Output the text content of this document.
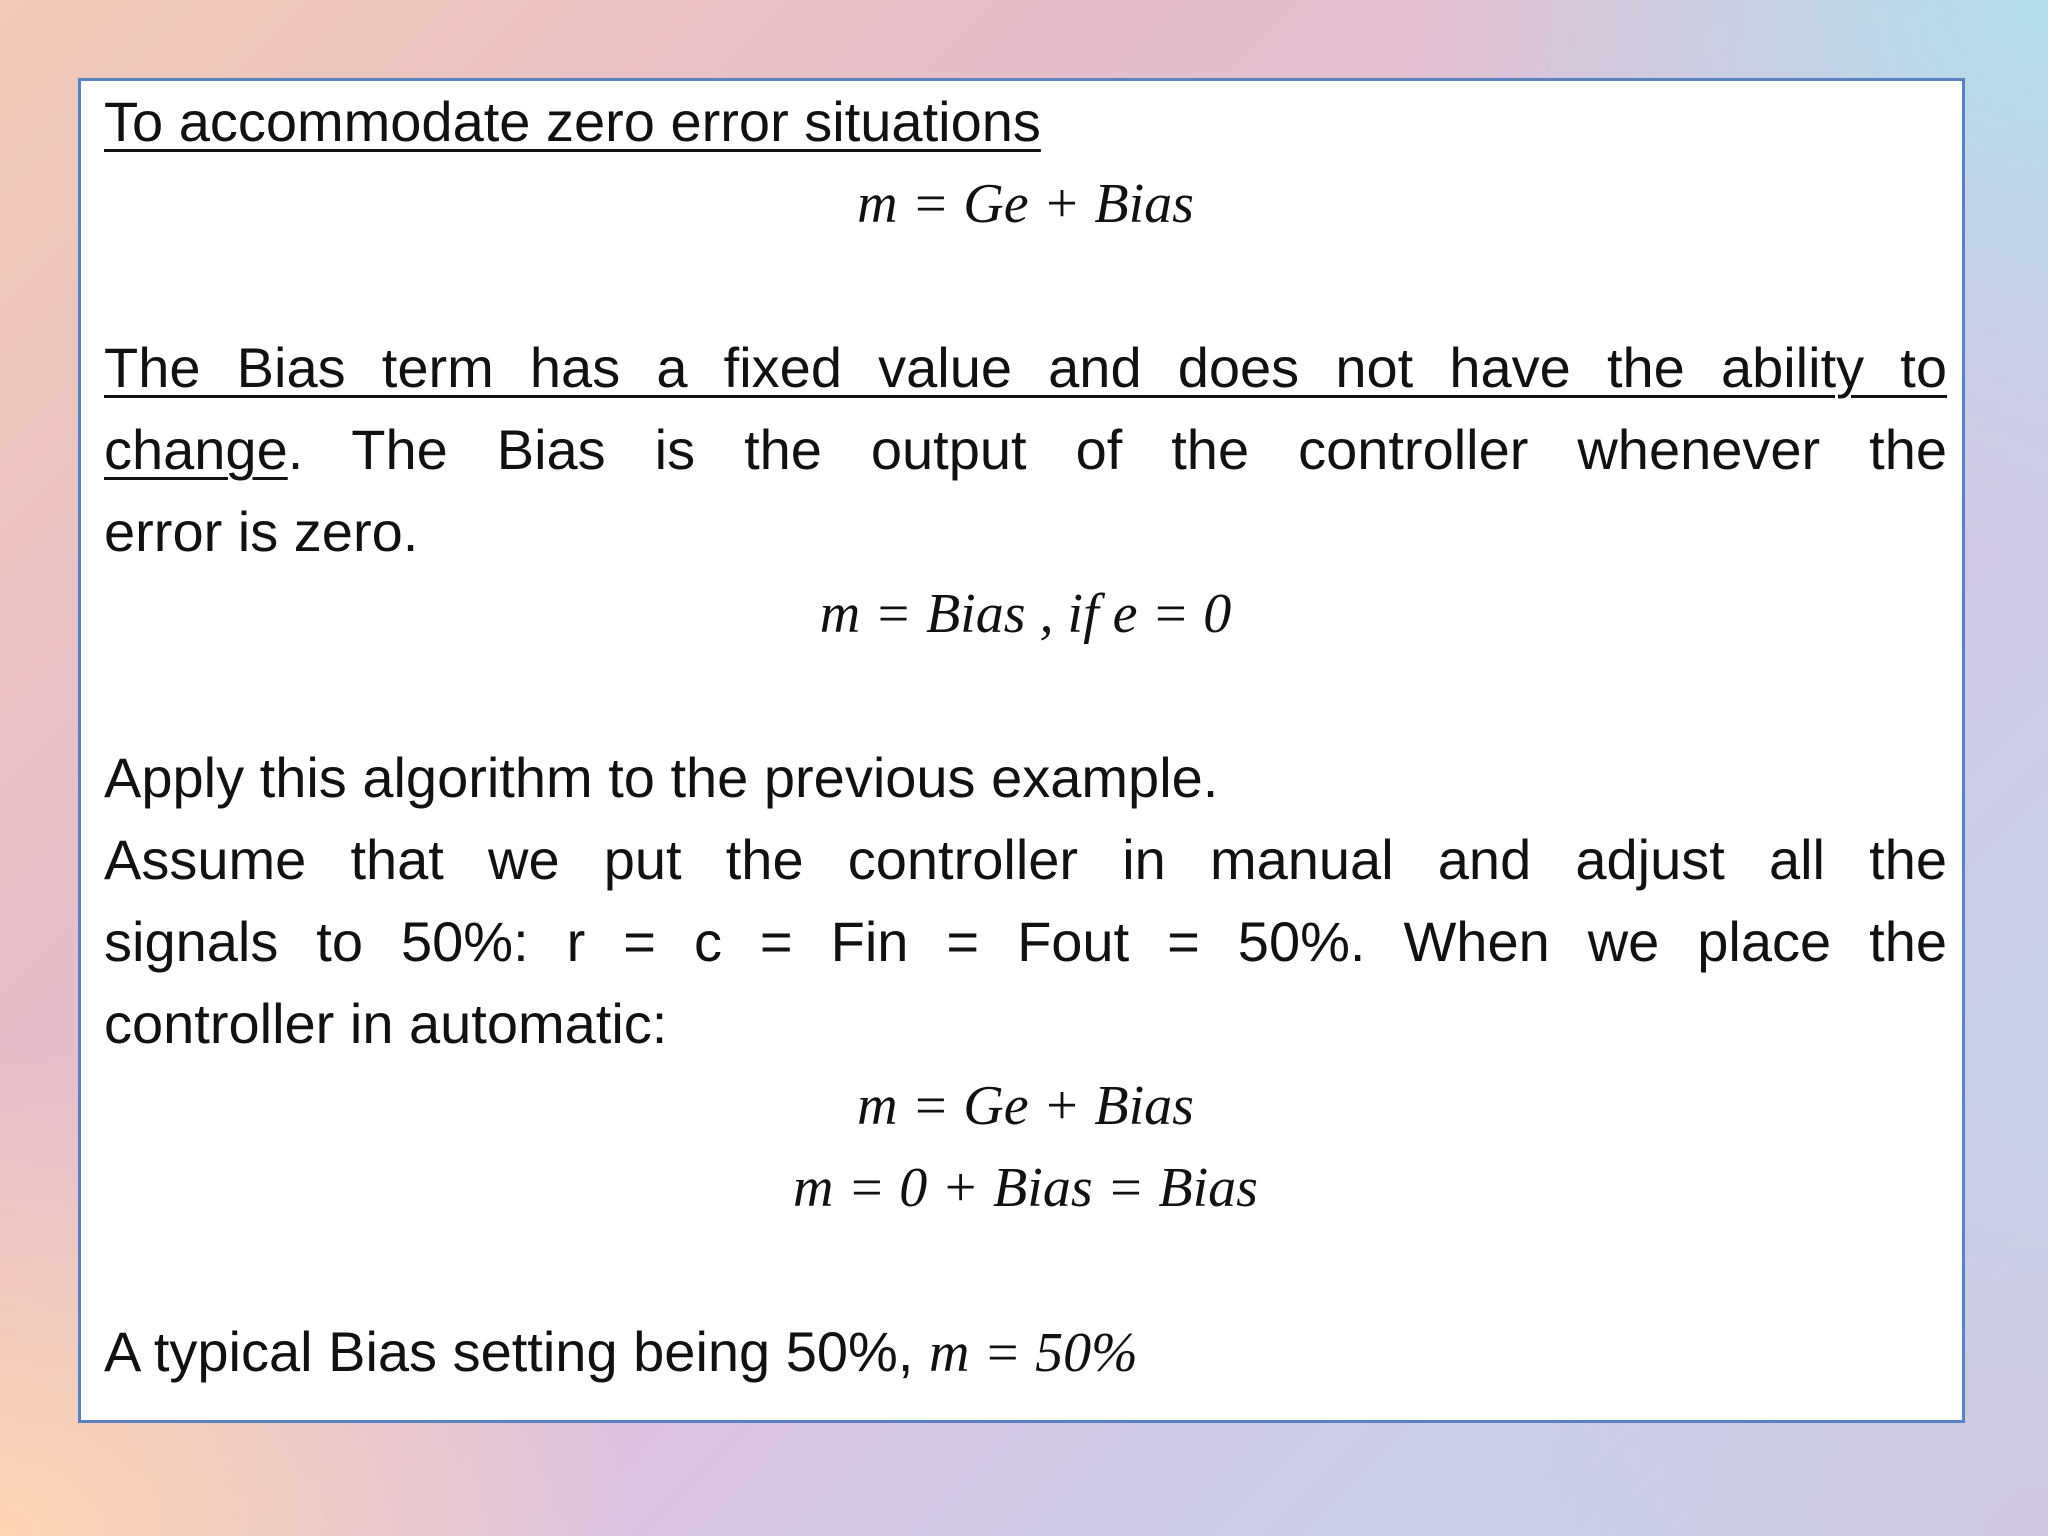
To accommodate zero error situations
m = Ge + Bias
The Bias term has a fixed value and does not have the ability to
change. The Bias is the output of the controller whenever the
error is zero.
m = Bias , if e = 0
Apply this algorithm to the previous example.
Assume that we put the controller in manual and adjust all the
signals to 50%: r = c = Fin = Fout = 50%. When we place the
controller in automatic:
m = Ge + Bias
m = 0 + Bias = Bias
A typical Bias setting being 50%, m = 50%
